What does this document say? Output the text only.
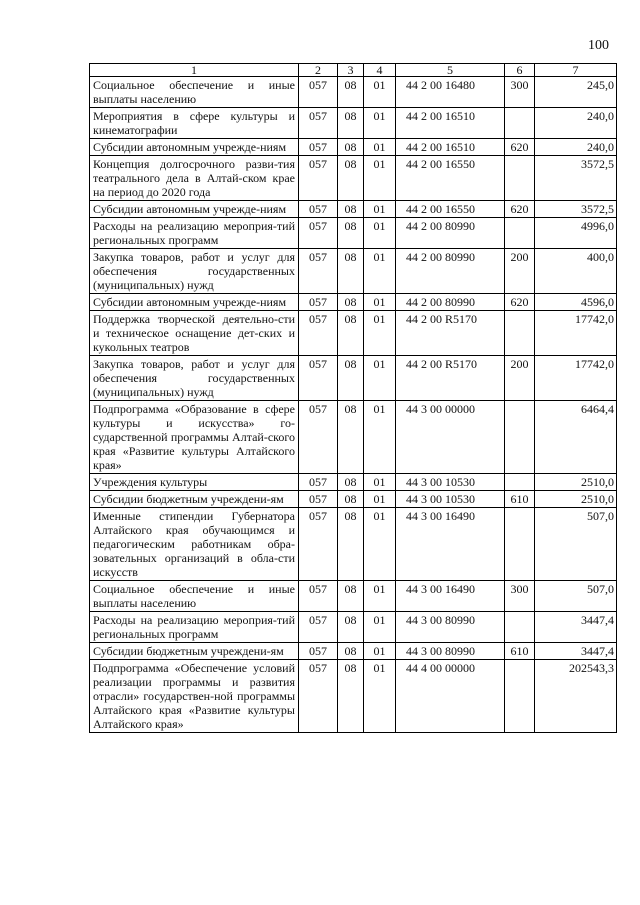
100
1	2	3	4	5	6	7
Социальное обеспечение и иные выплаты населению	057	08	01	44 2 00 16480	300	245,0
Мероприятия в сфере культуры и кинематографии	057	08	01	44 2 00 16510		240,0
Субсидии автономным учрежде-ниям	057	08	01	44 2 00 16510	620	240,0
Концепция долгосрочного разви-тия театрального дела в Алтай-ском крае на период до 2020 года	057	08	01	44 2 00 16550		3572,5
Субсидии автономным учрежде-ниям	057	08	01	44 2 00 16550	620	3572,5
Расходы на реализацию мероприя-тий региональных программ	057	08	01	44 2 00 80990		4996,0
Закупка товаров, работ и услуг для обеспечения государственных (муниципальных) нужд	057	08	01	44 2 00 80990	200	400,0
Субсидии автономным учрежде-ниям	057	08	01	44 2 00 80990	620	4596,0
Поддержка творческой деятельно-сти и техническое оснащение дет-ских и кукольных театров	057	08	01	44 2 00 R5170		17742,0
Закупка товаров, работ и услуг для обеспечения государственных (муниципальных) нужд	057	08	01	44 2 00 R5170	200	17742,0
Подпрограмма «Образование в сфере культуры и искусства» го-сударственной программы Алтай-ского края «Развитие культуры Алтайского края»	057	08	01	44 3 00 00000		6464,4
Учреждения культуры	057	08	01	44 3 00 10530		2510,0
Субсидии бюджетным учреждени-ям	057	08	01	44 3 00 10530	610	2510,0
Именные стипендии Губернатора Алтайского края обучающимся и педагогическим работникам обра-зовательных организаций в обла-сти искусств	057	08	01	44 3 00 16490		507,0
Социальное обеспечение и иные выплаты населению	057	08	01	44 3 00 16490	300	507,0
Расходы на реализацию мероприя-тий региональных программ	057	08	01	44 3 00 80990		3447,4
Субсидии бюджетным учреждени-ям	057	08	01	44 3 00 80990	610	3447,4
Подпрограмма «Обеспечение условий реализации программы и развития отрасли» государствен-ной программы Алтайского края «Развитие культуры Алтайского края»	057	08	01	44 4 00 00000		202543,3
